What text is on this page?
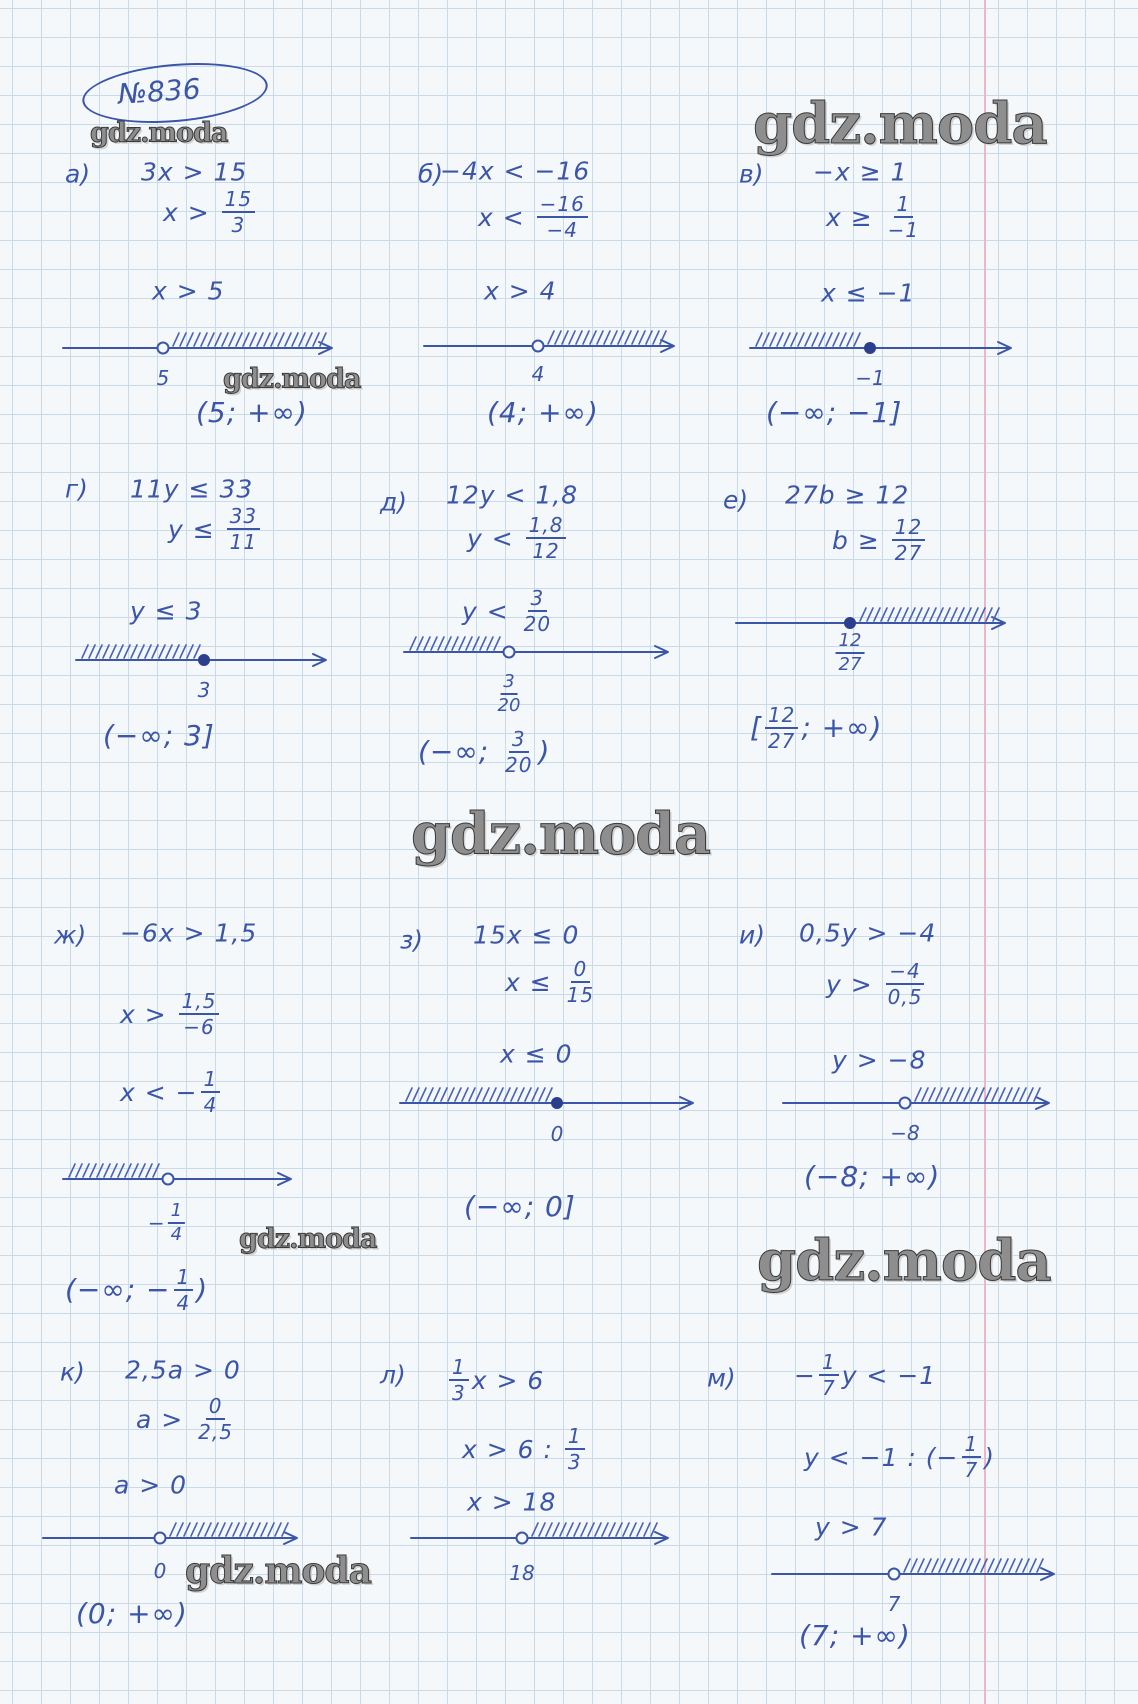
№836
gdz.moda	gdz.moda
gdz.moda
gdz.moda
gdz.moda	gdz.moda
gdz.moda
а) 3x > 15
$x > \frac{15}{3}$
x > 5
5
(5; +∞)
б)
−4x < −16
$x < \frac{-16}{-4}$
x > 4
4
(4; +∞)
в) −x ≥ 1
$x \ge \frac{1}{-1}$
x ≤ −1
−1
(−∞; −1]
г) 11y ≤ 33
$y \le \frac{33}{11}$
y ≤ 3
3
(−∞; 3]
д) 12y < 1,8
$y < \frac{1,8}{12}$
$y < \frac{3}{20}$
$\frac{3}{20}$
(−∞; $\frac{3}{20}$ )
е) 27b ≥ 12
$b \ge \frac{12}{27}$
$\frac{12}{27}$
[ $\frac{12}{27}$ ; +∞)
ж) −6x > 1,5
$x > \frac{1,5}{-6}$
x < − $\frac{1}{4}$
− $\frac{1}{4}$
(−∞; − $\frac{1}{4}$ )
з) 15x ≤ 0
$x \le \frac{0}{15}$
x ≤ 0
0
(−∞; 0]
и) 0,5y > −4
$y > \frac{-4}{0,5}$
y > −8
−8
(−8; +∞)
к) 2,5a > 0
$a > \frac{0}{2,5}$
a > 0
0
(0; +∞)
$л) \frac{1}{3}$ x > 6
x > 6 : $\frac{1}{3}$
x > 18
18
$м) - \frac{1}{7}$ y < −1
y < −1 : (− $\frac{1}{7}$ )
y > 7
7
(7; +∞)
